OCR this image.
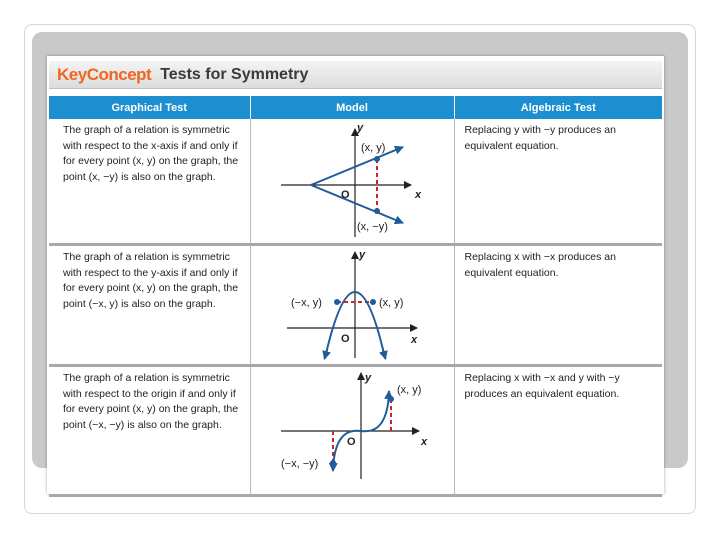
Key Concept Tests for Symmetry
Graphical Test	Model	Algebraic Test

The graph of a relation is symmetric with respect to the x-axis if and only if for every point (x, y) on the graph, the point (x, −y) is also on the graph.	y
x
O
(x, y)
(x, −y)	Replacing y with −y produces an equivalent equation.

The graph of a relation is symmetric with respect to the y-axis if and only if for every point (x, y) on the graph, the point (−x, y) is also on the graph.	y
x
O
(−x, y) (x, y)	Replacing x with −x produces an equivalent equation.

The graph of a relation is symmetric with respect to the origin if and only if for every point (x, y) on the graph, the point (−x, −y) is also on the graph.	y
x
O
(x, y)
(−x, −y)	Replacing x with −x and y with −y produces an equivalent equation.
